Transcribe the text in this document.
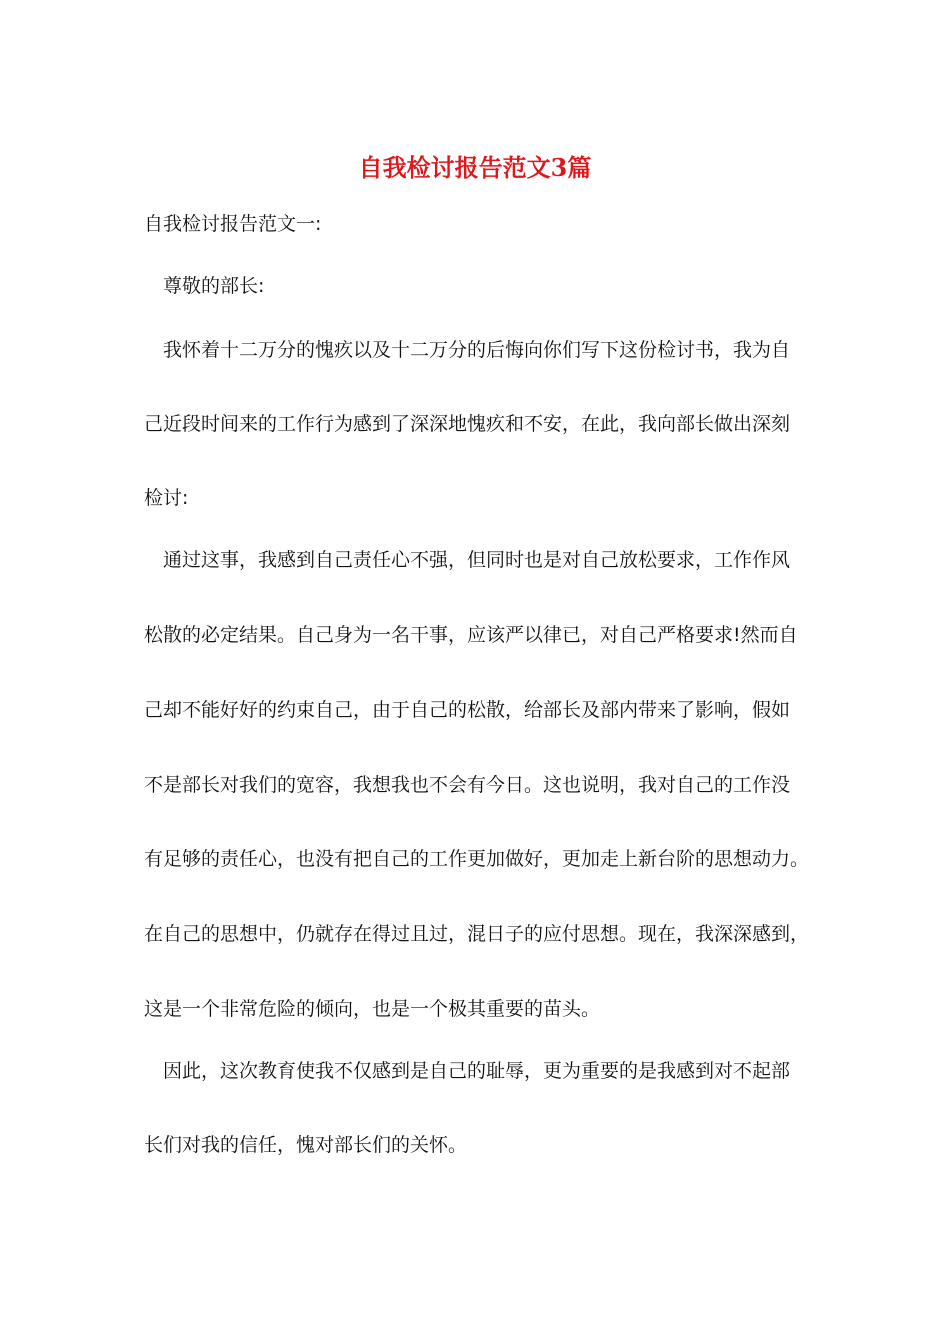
自我检讨报告范文3篇

自我检讨报告范文一:

尊敬的部长:

我怀着十二万分的愧疚以及十二万分的后悔向你们写下这份检讨书，我为自

己近段时间来的工作行为感到了深深地愧疚和不安，在此，我向部长做出深刻

检讨:

通过这事，我感到自己责任心不强，但同时也是对自己放松要求，工作作风

松散的必定结果。自己身为一名干事，应该严以律已，对自己严格要求!然而自

己却不能好好的约束自己，由于自己的松散，给部长及部内带来了影响，假如

不是部长对我们的宽容，我想我也不会有今日。这也说明，我对自己的工作没

有足够的责任心，也没有把自己的工作更加做好，更加走上新台阶的思想动力。

在自己的思想中，仍就存在得过且过，混日子的应付思想。现在，我深深感到，

这是一个非常危险的倾向，也是一个极其重要的苗头。

因此，这次教育使我不仅感到是自己的耻辱，更为重要的是我感到对不起部

长们对我的信任，愧对部长们的关怀。
